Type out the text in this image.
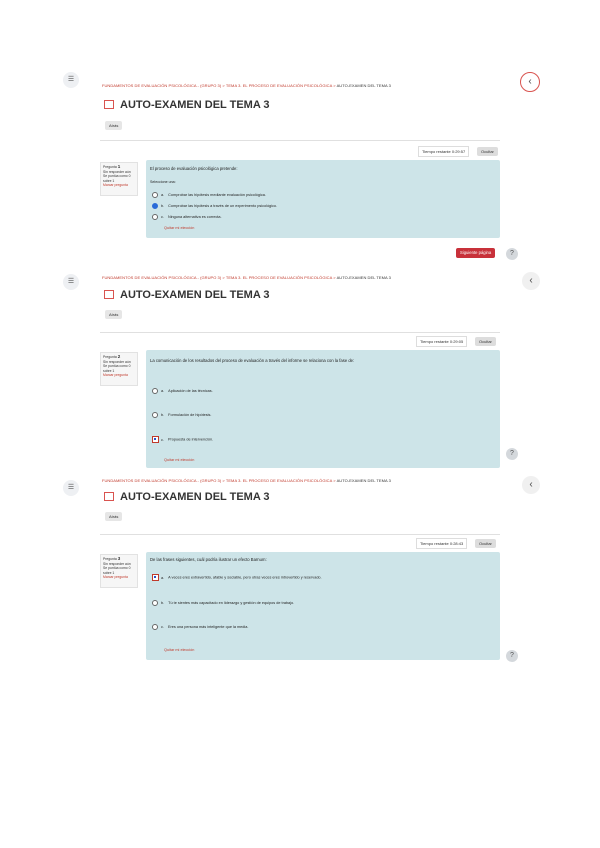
☰	‹
FUNDAMENTOS DE EVALUACIÓN PSICOLÓGICA - (GRUPO 3) > TEMA 3. EL PROCESO DE EVALUACIÓN PSICOLÓGICA > AUTO-EXAMEN DEL TEMA 3
AUTO-EXAMEN DEL TEMA 3
Atrás
Tiempo restante 0:29:57	Ocultar
Pregunta 1
Sin responder aún
Se puntúa como 0 sobre 1
Marcar pregunta
El proceso de evaluación psicológica pretende:
Seleccione una:
a. Comprobar las hipótesis mediante evaluación psicológica.
b. Comprobar las hipótesis a través de un experimento psicológico.
c. Ninguna alternativa es correcta.
Quitar mi elección
Siguiente página	?
☰	‹
FUNDAMENTOS DE EVALUACIÓN PSICOLÓGICA - (GRUPO 3) > TEMA 3. EL PROCESO DE EVALUACIÓN PSICOLÓGICA > AUTO-EXAMEN DEL TEMA 3
AUTO-EXAMEN DEL TEMA 3
Atrás
Tiempo restante 0:29:05	Ocultar
Pregunta 2
Sin responder aún
Se puntúa como 0 sobre 1
Marcar pregunta
La comunicación de los resultados del proceso de evaluación a través del informe se relaciona con la fase de:
a. Aplicación de las técnicas.
b. Formulación de hipótesis.
c. Propuesta de intervención.
Quitar mi elección
?
☰	‹
FUNDAMENTOS DE EVALUACIÓN PSICOLÓGICA - (GRUPO 3) > TEMA 3. EL PROCESO DE EVALUACIÓN PSICOLÓGICA > AUTO-EXAMEN DEL TEMA 3
AUTO-EXAMEN DEL TEMA 3
Atrás
Tiempo restante 0:28:43	Ocultar
Pregunta 3
Sin responder aún
Se puntúa como 0 sobre 1
Marcar pregunta
De las frases siguientes, cuál podría ilustrar un efecto Barnum:
a. A veces eres extravertido, afable y sociable, pero otras veces eres introvertido y reservado.
b. Tú te sientes más capacitado en liderazgo y gestión de equipos de trabajo.
c. Eres una persona más inteligente que la media.
Quitar mi elección
?
